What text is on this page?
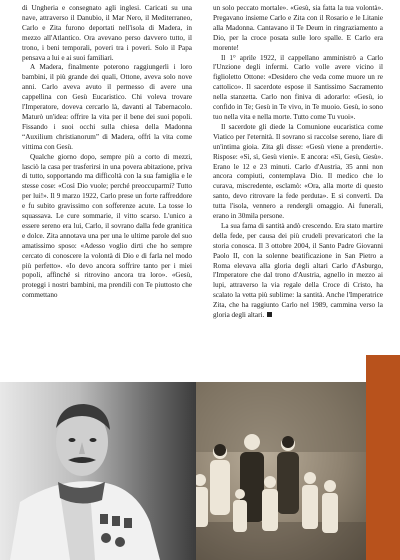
di Ungheria e consegnato agli inglesi. Caricati su una nave, attraverso il Danubio, il Mar Nero, il Mediterraneo, Carlo e Zita furono deportati nell'isola di Madera, in mezzo all'Atlantico. Ora avevano perso davvero tutto, il trono, i beni temporali, poveri tra i poveri. Solo il Papa pensava a lui e ai suoi familiari.

A Madera, finalmente poterono raggiungerli i loro bambini, il più grande dei quali, Ottone, aveva solo nove anni. Carlo aveva avuto il permesso di avere una cappellina con Gesù Eucaristico. Chi voleva trovare l'Imperatore, doveva cercarlo là, davanti al Tabernacolo. Maturò un'idea: offrire la vita per il bene dei suoi popoli. Fissando i suoi occhi sulla chiesa della Madonna “Auxilium christianorum” di Madera, offrì la vita come vittima con Gesù.

Qualche giorno dopo, sempre più a corto di mezzi, lasciò la casa per trasferirsi in una povera abitazione, priva di tutto, sopportando ma difficoltà con la sua famiglia e le stesse cose: «Così Dio vuole; perché preoccuparmi? Tutto per lui!». Il 9 marzo 1922, Carlo prese un forte raffreddore e fu subito gravissimo con sofferenze acute. La tosse lo squassava. Le cure sommarie, il vitto scarso. L'unico a essere sereno era lui, Carlo, il sovrano dalla fede granitica e dolce. Zita annotava una per una le ultime parole del suo amatissimo sposo: «Adesso voglio dirti che ho sempre cercato di conoscere la volontà di Dio e di farla nel modo più perfetto». «Io devo ancora soffrire tanto per i miei popoli, affinché si ritrovino ancora tra loro». «Gesù, proteggi i nostri bambini, ma prendili con Te piuttosto che commettano

un solo peccato mortale». «Gesù, sia fatta la tua volontà». Pregavano insieme Carlo e Zita con il Rosario e le Litanie alla Madonna. Cantavano il Te Deum in ringraziamento a Dio, per la croce posata sulle loro spalle. E Carlo era morente!

Il 1° aprile 1922, il cappellano amministrò a Carlo l'Unzione degli infermi. Carlo volle avere vicino il figlioletto Ottone: «Desidero che veda come muore un re cattolico». Il sacerdote espose il Santissimo Sacramento nella stanzetta. Carlo non finiva di adorarlo: «Gesù, io confido in Te; Gesù in Te vivo, in Te muoio. Gesù, io sono tuo nella vita e nella morte. Tutto come Tu vuoi».

Il sacerdote gli diede la Comunione eucaristica come Viatico per l'eternità. Il sovrano si raccolse sereno, liare di un'intima gioia. Zita gli disse: «Gesù viene a prenderti». Rispose: «Sì, sì, Gesù vieni». E ancora: «Sì, Gesù, Gesù». Erano le 12 e 23 minuti. Carlo d'Austria, 35 anni non ancora compiuti, contemplava Dio. Il medico che lo curava, miscredente, esclamò: «Ora, alla morte di questo santo, devo ritrovare la fede perduta». E si convertì. Da tutta l'isola, vennero a rendergli omaggio. Ai funerali, erano in 30mila persone.

La sua fama di santità andò crescendo. Era stato martire della fede, per causa dei più crudeli prevaricatori che la storia conosca. Il 3 ottobre 2004, il Santo Padre Giovanni Paolo II, con la solenne beatificazione in San Pietro a Roma elevava alla gloria degli altari Carlo d'Asburgo, l'Imperatore che dal trono d'Austria, agnello in mezzo ai lupi, attraverso la via regale della Croce di Cristo, ha scalato la vetta più sublime: la santità. Anche l'Imperatrice Zita, che ha raggiunto Carlo nel 1989, cammina verso la gloria degli altari.
